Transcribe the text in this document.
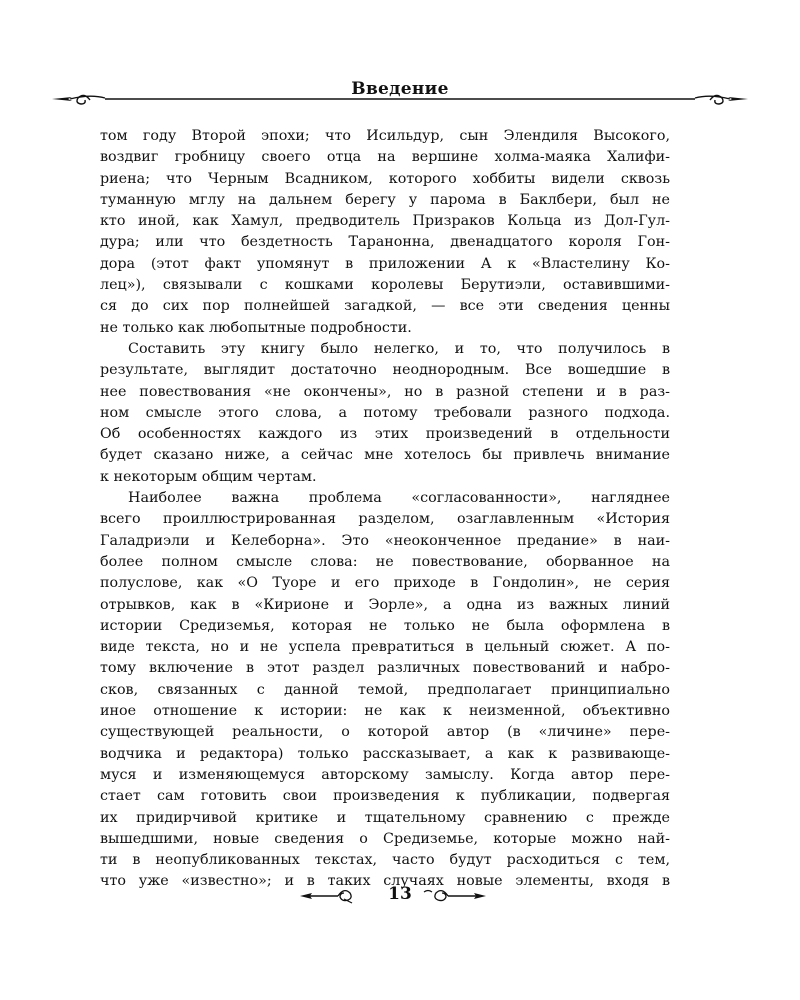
Введение
том году Второй эпохи; что Исильдур, сын Элендиля Высокого,
воздвиг гробницу своего отца на вершине холма-маяка Халифи-
риена; что Черным Всадником, которого хоббиты видели сквозь
туманную мглу на дальнем берегу у парома в Баклбери, был не
кто иной, как Хамул, предводитель Призраков Кольца из Дол-Гул-
дура; или что бездетность Таранонна, двенадцатого короля Гон-
дора (этот факт упомянут в приложении А к «Властелину Ко-
лец»), связывали с кошками королевы Берутиэли, оставившими-
ся до сих пор полнейшей загадкой, — все эти сведения ценны
не только как любопытные подробности.
Составить эту книгу было нелегко, и то, что получилось в
результате, выглядит достаточно неоднородным. Все вошедшие в
нее повествования «не окончены», но в разной степени и в раз-
ном смысле этого слова, а потому требовали разного подхода.
Об особенностях каждого из этих произведений в отдельности
будет сказано ниже, а сейчас мне хотелось бы привлечь внимание
к некоторым общим чертам.
Наиболее важна проблема «согласованности», нагляднее
всего проиллюстрированная разделом, озаглавленным «История
Галадриэли и Келеборна». Это «неоконченное предание» в наи-
более полном смысле слова: не повествование, оборванное на
полуслове, как «О Туоре и его приходе в Гондолин», не серия
отрывков, как в «Кирионе и Эорле», а одна из важных линий
истории Средиземья, которая не только не была оформлена в
виде текста, но и не успела превратиться в цельный сюжет. А по-
тому включение в этот раздел различных повествований и набро-
сков, связанных с данной темой, предполагает принципиально
иное отношение к истории: не как к неизменной, объективно
существующей реальности, о которой автор (в «личине» пере-
водчика и редактора) только рассказывает, а как к развивающе-
муся и изменяющемуся авторскому замыслу. Когда автор пере-
стает сам готовить свои произведения к публикации, подвергая
их придирчивой критике и тщательному сравнению с прежде
вышедшими, новые сведения о Средиземье, которые можно най-
ти в неопубликованных текстах, часто будут расходиться с тем,
что уже «известно»; и в таких случаях новые элементы, входя в
13
